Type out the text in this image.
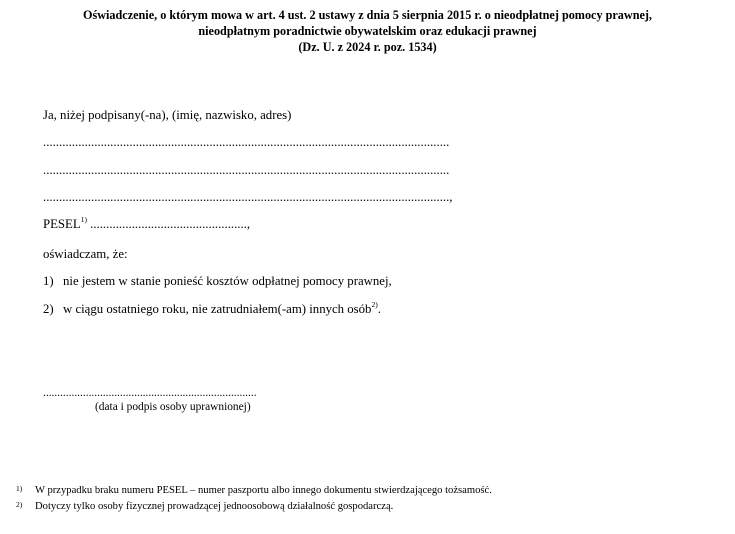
Oświadczenie, o którym mowa w art. 4 ust. 2 ustawy z dnia 5 sierpnia 2015 r. o nieodpłatnej pomocy prawnej,
nieodpłatnym poradnictwie obywatelskim oraz edukacji prawnej
(Dz. U. z 2024 r. poz. 1534)
Ja, niżej podpisany(-na), (imię, nazwisko, adres)
...............................................................................................................................
...............................................................................................................................
...............................................................................................................................,
PESEL$^{1)}$ .................................................,
oświadczam, że:
1) nie jestem w stanie ponieść kosztów odpłatnej pomocy prawnej,
2) w ciągu ostatniego roku, nie zatrudniałem(-am) innych osób$^{2)}$.
...........................................................................
(data i podpis osoby uprawnionej)
1) W przypadku braku numeru PESEL – numer paszportu albo innego dokumentu stwierdzającego tożsamość.
2) Dotyczy tylko osoby fizycznej prowadzącej jednoosobową działalność gospodarczą.
